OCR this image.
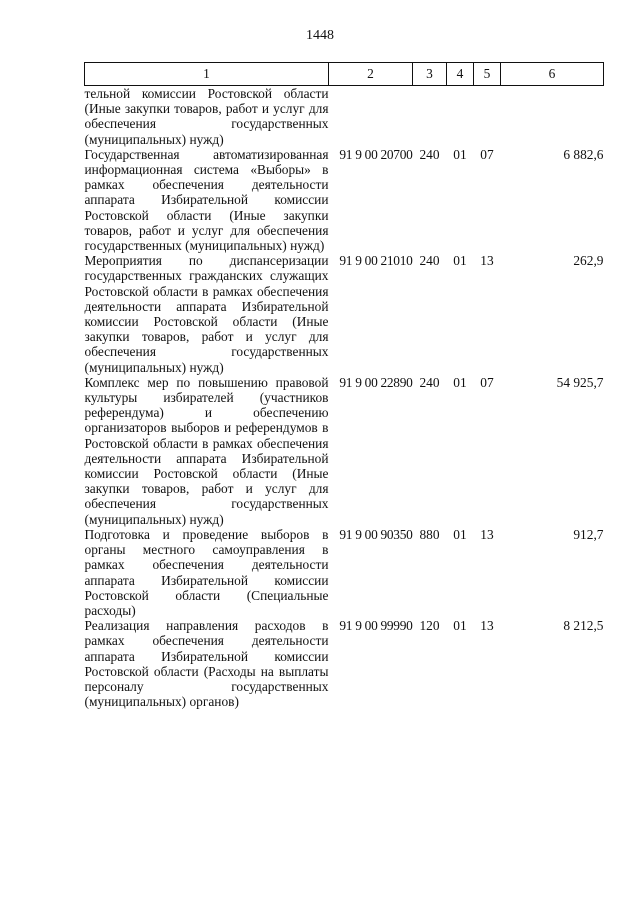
1448
1	2	3	4	5	6
тельной комиссии Ростовской области (Иные закупки товаров, работ и услуг для обеспечения государственных (муниципальных) нужд)					
Государственная автоматизированная информационная система «Выборы» в рамках обеспечения деятельности аппарата Избирательной комиссии Ростовской области (Иные закупки товаров, работ и услуг для обеспечения государственных (муниципальных) нужд)	91 9 00 20700	240	01	07	6 882,6
Мероприятия по диспансеризации государственных гражданских служащих Ростовской области в рамках обеспечения деятельности аппарата Избирательной комиссии Ростовской области (Иные закупки товаров, работ и услуг для обеспечения государственных (муниципальных) нужд)	91 9 00 21010	240	01	13	262,9
Комплекс мер по повышению правовой культуры избирателей (участников референдума) и обеспечению организаторов выборов и референдумов в Ростовской области в рамках обеспечения деятельности аппарата Избирательной комиссии Ростовской области (Иные закупки товаров, работ и услуг для обеспечения государственных (муниципальных) нужд)	91 9 00 22890	240	01	07	54 925,7
Подготовка и проведение выборов в органы местного самоуправления в рамках обеспечения деятельности аппарата Избирательной комиссии Ростовской области (Специальные расходы)	91 9 00 90350	880	01	13	912,7
Реализация направления расходов в рамках обеспечения деятельности аппарата Избирательной комиссии Ростовской области (Расходы на выплаты персоналу государственных (муниципальных) органов)	91 9 00 99990	120	01	13	8 212,5
